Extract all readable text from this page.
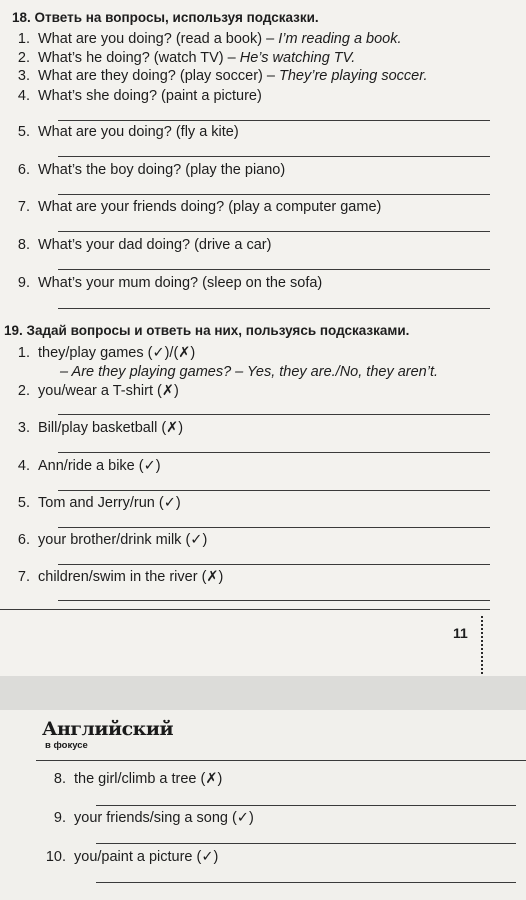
18. Ответь на вопросы, используя подсказки.
1. What are you doing? (read a book) – I’m reading a book.
2. What’s he doing? (watch TV) – He’s watching TV.
3. What are they doing? (play soccer) – They’re playing soccer.
4. What’s she doing? (paint a picture)
5. What are you doing? (fly a kite)
6. What’s the boy doing? (play the piano)
7. What are your friends doing? (play a computer game)
8. What’s your dad doing? (drive a car)
9. What’s your mum doing? (sleep on the sofa)
19. Задай вопросы и ответь на них, пользуясь подсказками.
1. they/play games (✓)/(✗)
– Are they playing games? – Yes, they are./No, they aren’t.
2. you/wear a T-shirt (✗)
3. Bill/play basketball (✗)
4. Ann/ride a bike (✓)
5. Tom and Jerry/run (✓)
6. your brother/drink milk (✓)
7. children/swim in the river (✗)
11
Английский
в фокусе
8. the girl/climb a tree (✗)
9. your friends/sing a song (✓)
10. you/paint a picture (✓)
